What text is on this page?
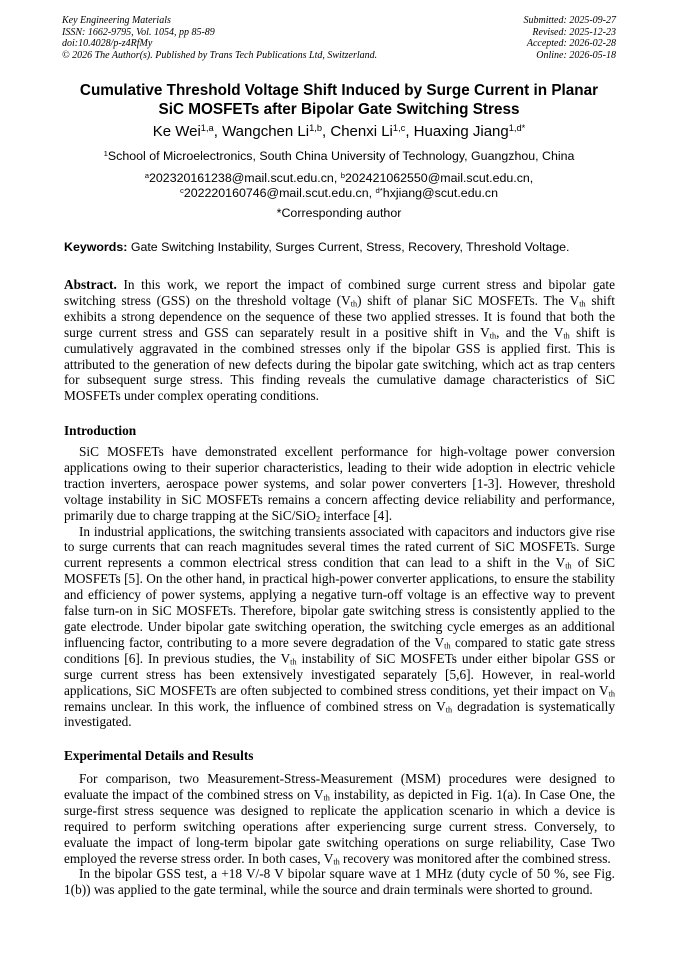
Key Engineering Materials
ISSN: 1662-9795, Vol. 1054, pp 85-89
doi:10.4028/p-z4RfMy
© 2026 The Author(s). Published by Trans Tech Publications Ltd, Switzerland.
Submitted: 2025-09-27
Revised: 2025-12-23
Accepted: 2026-02-28
Online: 2026-05-18
Cumulative Threshold Voltage Shift Induced by Surge Current in Planar
SiC MOSFETs after Bipolar Gate Switching Stress
Ke Wei$^{1,a}$, Wangchen Li$^{1,b}$, Chenxi Li$^{1,c}$, Huaxing Jiang$^{1,d*}$
$^1$School of Microelectronics, South China University of Technology, Guangzhou, China
$^a$202320161238@mail.scut.edu.cn, $^b$202421062550@mail.scut.edu.cn,
$^c$202220160746@mail.scut.edu.cn, $^{d*}$hxjiang@scut.edu.cn
*Corresponding author
Keywords: Gate Switching Instability, Surges Current, Stress, Recovery, Threshold Voltage.

Abstract. In this work, we report the impact of combined surge current stress and bipolar gate switching stress (GSS) on the threshold voltage $(V_{th})$ shift of planar SiC MOSFETs. The $V_{th}$ shift exhibits a strong dependence on the sequence of these two applied stresses. It is found that both the surge current stress and GSS can separately result in a positive shift in $V_{th}$, and the $V_{th}$ shift is cumulatively aggravated in the combined stresses only if the bipolar GSS is applied first. This is attributed to the generation of new defects during the bipolar gate switching, which act as trap centers for subsequent surge stress. This finding reveals the cumulative damage characteristics of SiC MOSFETs under complex operating conditions.

Introduction

SiC MOSFETs have demonstrated excellent performance for high-voltage power conversion applications owing to their superior characteristics, leading to their wide adoption in electric vehicle traction inverters, aerospace power systems, and solar power converters [1-3]. However, threshold voltage instability in SiC MOSFETs remains a concern affecting device reliability and performance, primarily due to charge trapping at the SiC/SiO$_2$ interface [4].

In industrial applications, the switching transients associated with capacitors and inductors give rise to surge currents that can reach magnitudes several times the rated current of SiC MOSFETs. Surge current represents a common electrical stress condition that can lead to a shift in the $V_{th}$ of SiC MOSFETs [5]. On the other hand, in practical high-power converter applications, to ensure the stability and efficiency of power systems, applying a negative turn-off voltage is an effective way to prevent false turn-on in SiC MOSFETs. Therefore, bipolar gate switching stress is consistently applied to the gate electrode. Under bipolar gate switching operation, the switching cycle emerges as an additional influencing factor, contributing to a more severe degradation of the $V_{th}$ compared to static gate stress conditions [6]. In previous studies, the $V_{th}$ instability of SiC MOSFETs under either bipolar GSS or surge current stress has been extensively investigated separately [5,6]. However, in real-world applications, SiC MOSFETs are often subjected to combined stress conditions, yet their impact on $V_{th}$ remains unclear. In this work, the influence of combined stress on $V_{th}$ degradation is systematically investigated.

Experimental Details and Results

For comparison, two Measurement-Stress-Measurement (MSM) procedures were designed to evaluate the impact of the combined stress on $V_{th}$ instability, as depicted in Fig. 1(a). In Case One, the surge-first stress sequence was designed to replicate the application scenario in which a device is required to perform switching operations after experiencing surge current stress. Conversely, to evaluate the impact of long-term bipolar gate switching operations on surge reliability, Case Two employed the reverse stress order. In both cases, $V_{th}$ recovery was monitored after the combined stress.

In the bipolar GSS test, a +18 V/-8 V bipolar square wave at 1 MHz (duty cycle of 50 %, see Fig. 1(b)) was applied to the gate terminal, while the source and drain terminals were shorted to ground.
